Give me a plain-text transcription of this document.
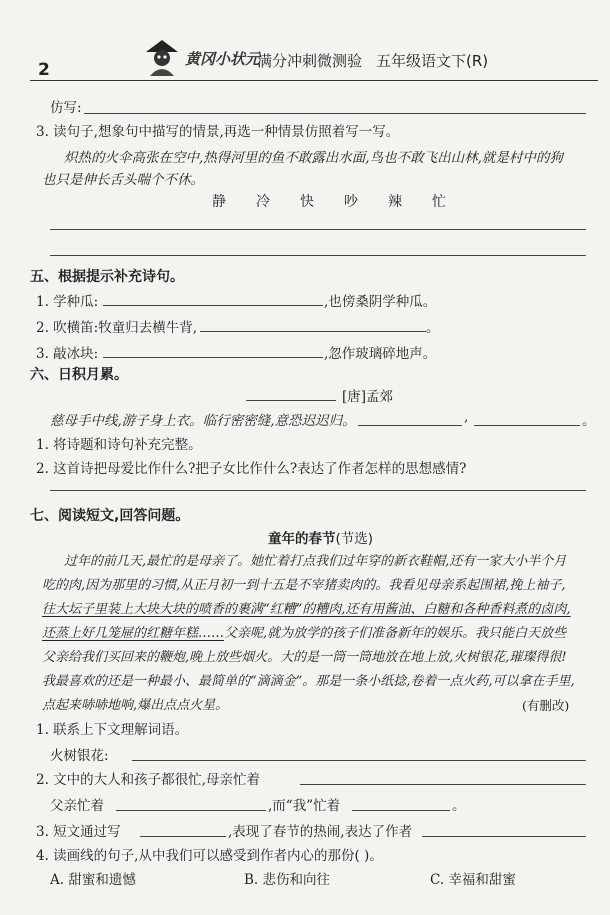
2
黄冈小状元
满分冲刺微测验 五年级语文下(R)
仿写:
3. 读句子,想象句中描写的情景,再选一种情景仿照着写一写。
炽热的火伞高张在空中,热得河里的鱼不敢露出水面,鸟也不敢飞出山林,就是村中的狗
也只是伸长舌头喘个不休。
静 冷 快 吵 辣 忙
五、根据提示补充诗句。
1. 学种瓜:	,也傍桑阴学种瓜。
2. 吹横笛:牧童归去横牛背,	。
3. 敲冰块:	,忽作玻璃碎地声。
六、日积月累。
[唐]孟郊
慈母手中线,游子身上衣。临行密密缝,意恐迟迟归。	,	。
1. 将诗题和诗句补充完整。
2. 这首诗把母爱比作什么?把子女比作什么?表达了作者怎样的思想感情?
七、阅读短文,回答问题。
童年的春节(节选)
过年的前几天,最忙的是母亲了。她忙着打点我们过年穿的新衣鞋帽,还有一家大小半个月
吃的肉,因为那里的习惯,从正月初一到十五是不宰猪卖肉的。我看见母亲系起围裙,挽上袖子,
往大坛子里装上大块大块的喷香的裹满“红糟”的糟肉,还有用酱油、白糖和各种香料煮的卤肉,
还蒸上好几笼屉的红糖年糕……父亲呢,就为放学的孩子们准备新年的娱乐。我只能白天放些
父亲给我们买回来的鞭炮,晚上放些烟火。大的是一筒一筒地放在地上放,火树银花,璀璨得很!
我最喜欢的还是一种最小、最简单的“滴滴金”。那是一条小纸捻,卷着一点火药,可以拿在手里,
点起来哧哧地响,爆出点点火星。	(有删改)
1. 联系上下文理解词语。
火树银花:
2. 文中的大人和孩子都很忙,母亲忙着
父亲忙着	,而“我”忙着	。
3. 短文通过写	,表现了春节的热闹,表达了作者
4. 读画线的句子,从中我们可以感受到作者内心的那份( )。
A. 甜蜜和遗憾	B. 悲伤和向往	C. 幸福和甜蜜
